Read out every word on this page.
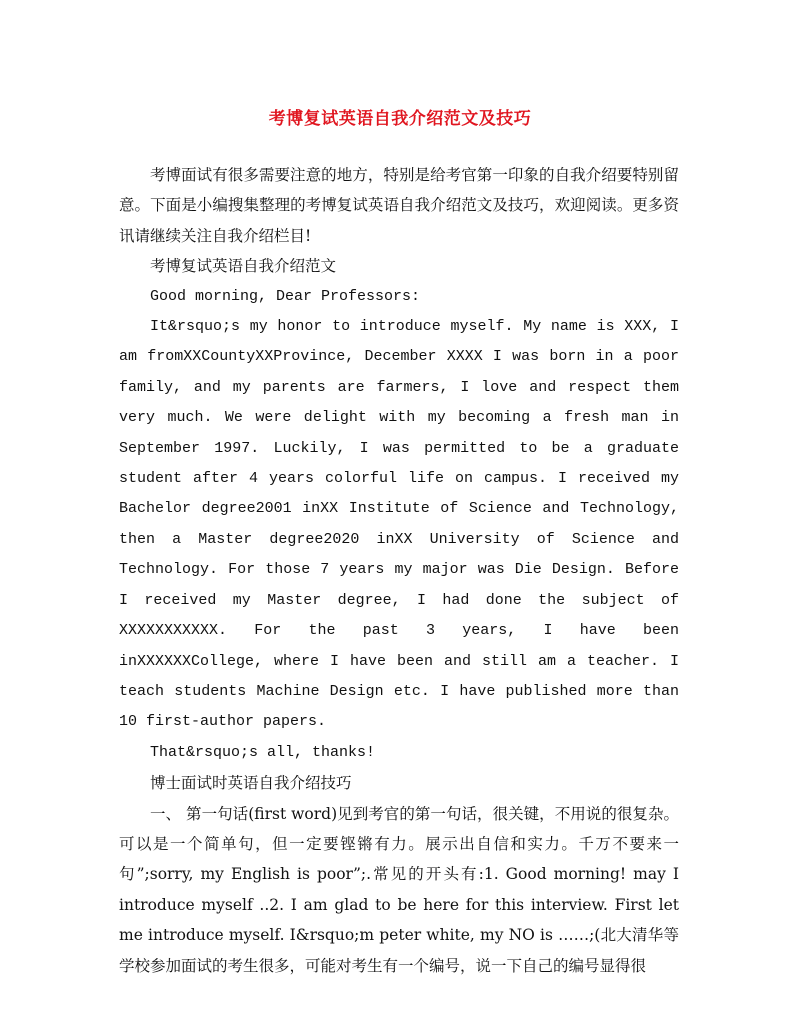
考博复试英语自我介绍范文及技巧

考博面试有很多需要注意的地方，特别是给考官第一印象的自我介绍要特别留意。下面是小编搜集整理的考博复试英语自我介绍范文及技巧，欢迎阅读。更多资讯请继续关注自我介绍栏目!

考博复试英语自我介绍范文

Good morning, Dear Professors:

It&rsquo;s my honor to introduce myself. My name is XXX, I am fromXXCountyXXProvince, December XXXX I was born in a poor family, and my parents are farmers, I love and respect them very much. We were delight with my becoming a fresh man in September 1997. Luckily, I was permitted to be a graduate student after 4 years colorful life on campus. I received my Bachelor degree2001 inXX Institute of Science and Technology, then a Master degree2020 inXX University of Science and Technology. For those 7 years my major was Die Design. Before I received my Master degree, I had done the subject of XXXXXXXXXXX. For the past 3 years, I have been inXXXXXXCollege, where I have been and still am a teacher. I teach students Machine Design etc. I have published more than 10 first-author papers.

That&rsquo;s all, thanks!

博士面试时英语自我介绍技巧

一、 第一句话(first word)见到考官的第一句话，很关键，不用说的很复杂。可以是一个简单句，但一定要铿锵有力。展示出自信和实力。千万不要来一句”;sorry, my English is poor”;.常见的开头有:1. Good morning! may I introduce myself ..2. I am glad to be here for this interview. First let me introduce myself. I&rsquo;m peter white, my NO is ……;(北大清华等学校参加面试的考生很多，可能对考生有一个编号，说一下自己的编号显得很
